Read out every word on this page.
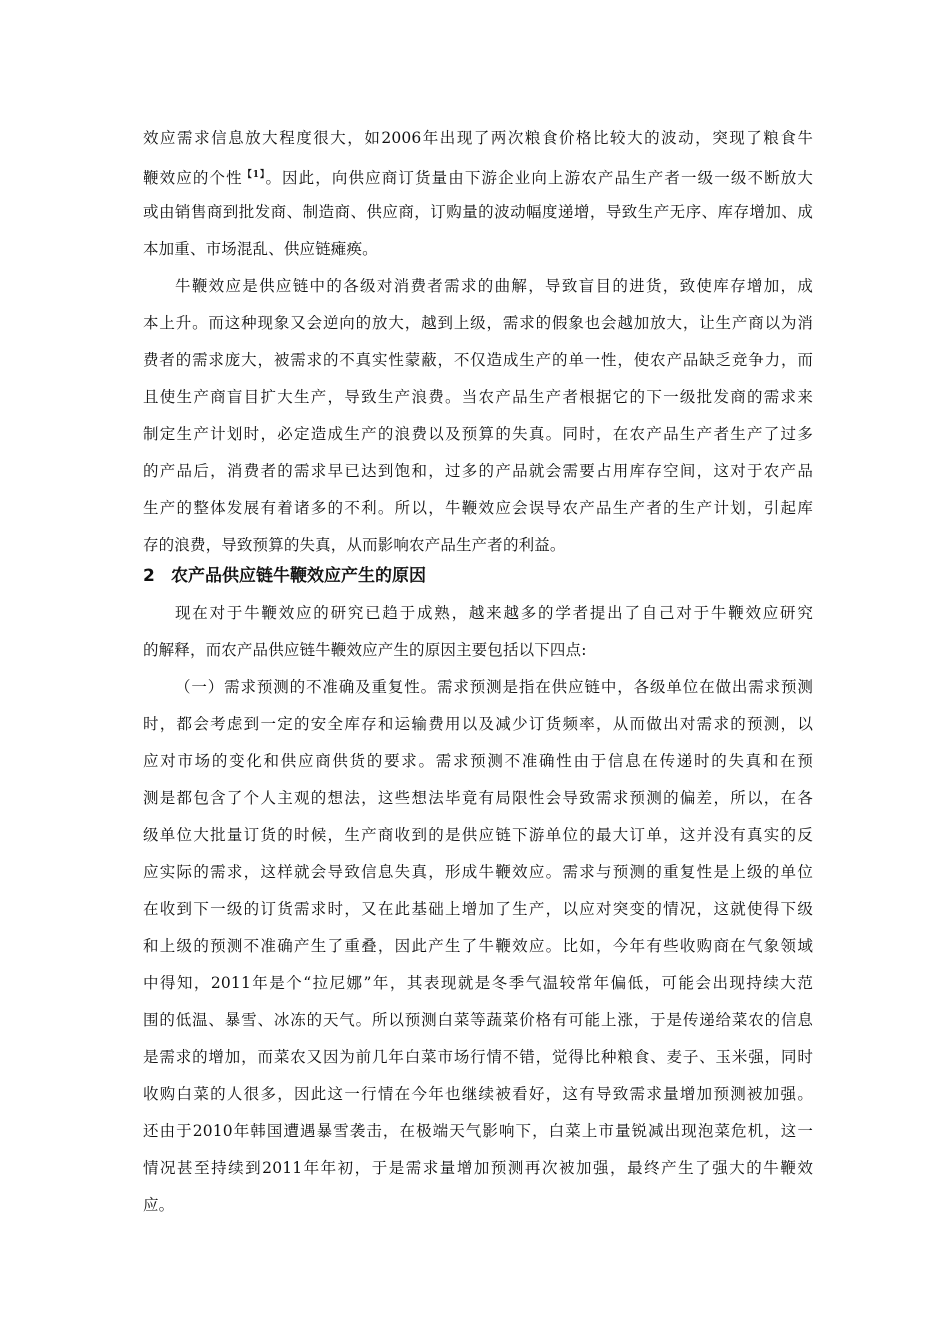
效应需求信息放大程度很大，如2006年出现了两次粮食价格比较大的波动，突现了粮食牛
鞭效应的个性$^{【1】}$。因此，向供应商订货量由下游企业向上游农产品生产者一级一级不断放大
或由销售商到批发商、制造商、供应商，订购量的波动幅度递增，导致生产无序、库存增加、成
本加重、市场混乱、供应链瘫痪。
牛鞭效应是供应链中的各级对消费者需求的曲解，导致盲目的进货，致使库存增加，成
本上升。而这种现象又会逆向的放大，越到上级，需求的假象也会越加放大，让生产商以为消
费者的需求庞大，被需求的不真实性蒙蔽，不仅造成生产的单一性，使农产品缺乏竞争力，而
且使生产商盲目扩大生产，导致生产浪费。当农产品生产者根据它的下一级批发商的需求来
制定生产计划时，必定造成生产的浪费以及预算的失真。同时，在农产品生产者生产了过多
的产品后，消费者的需求早已达到饱和，过多的产品就会需要占用库存空间，这对于农产品
生产的整体发展有着诸多的不利。所以，牛鞭效应会误导农产品生产者的生产计划，引起库
存的浪费，导致预算的失真，从而影响农产品生产者的利益。
2 农产品供应链牛鞭效应产生的原因
现在对于牛鞭效应的研究已趋于成熟，越来越多的学者提出了自己对于牛鞭效应研究
的解释，而农产品供应链牛鞭效应产生的原因主要包括以下四点:
（一）需求预测的不准确及重复性。需求预测是指在供应链中，各级单位在做出需求预测
时，都会考虑到一定的安全库存和运输费用以及减少订货频率，从而做出对需求的预测，以
应对市场的变化和供应商供货的要求。需求预测不准确性由于信息在传递时的失真和在预
测是都包含了个人主观的想法，这些想法毕竟有局限性会导致需求预测的偏差，所以，在各
级单位大批量订货的时候，生产商收到的是供应链下游单位的最大订单，这并没有真实的反
应实际的需求，这样就会导致信息失真，形成牛鞭效应。需求与预测的重复性是上级的单位
在收到下一级的订货需求时，又在此基础上增加了生产，以应对突变的情况，这就使得下级
和上级的预测不准确产生了重叠，因此产生了牛鞭效应。比如，今年有些收购商在气象领域
中得知，2011年是个“拉尼娜”年，其表现就是冬季气温较常年偏低，可能会出现持续大范
围的低温、暴雪、冰冻的天气。所以预测白菜等蔬菜价格有可能上涨，于是传递给菜农的信息
是需求的增加，而菜农又因为前几年白菜市场行情不错，觉得比种粮食、麦子、玉米强，同时
收购白菜的人很多，因此这一行情在今年也继续被看好，这有导致需求量增加预测被加强。
还由于2010年韩国遭遇暴雪袭击，在极端天气影响下，白菜上市量锐减出现泡菜危机，这一
情况甚至持续到2011年年初，于是需求量增加预测再次被加强，最终产生了强大的牛鞭效
应。
